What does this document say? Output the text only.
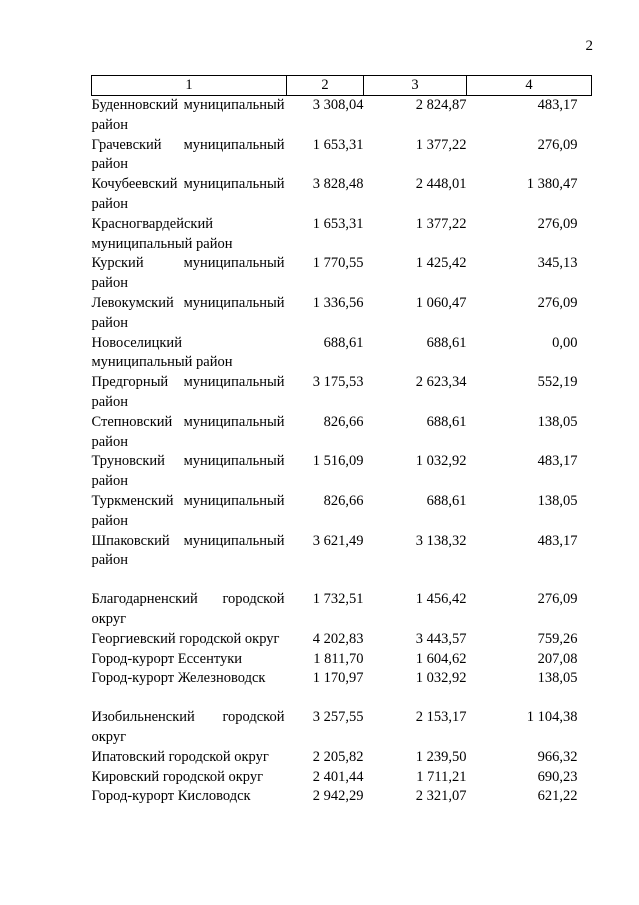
2
1	2	3	4
Буденновский муниципальный район	3 308,04	2 824,87	483,17
Грачевский муниципальный район	1 653,31	1 377,22	276,09
Кочубеевский муниципальный район	3 828,48	2 448,01	1 380,47
Красногвардейский муниципальный район	1 653,31	1 377,22	276,09
Курский муниципальный район	1 770,55	1 425,42	345,13
Левокумский муниципальный район	1 336,56	1 060,47	276,09
Новоселицкий муниципальный район	688,61	688,61	0,00
Предгорный муниципальный район	3 175,53	2 623,34	552,19
Степновский муниципальный район	826,66	688,61	138,05
Труновский муниципальный район	1 516,09	1 032,92	483,17
Туркменский муниципальный район	826,66	688,61	138,05
Шпаковский муниципальный район	3 621,49	3 138,32	483,17

Благодарненский городской округ	1 732,51	1 456,42	276,09
Георгиевский городской округ	4 202,83	3 443,57	759,26
Город-курорт Ессентуки	1 811,70	1 604,62	207,08
Город-курорт Железноводск	1 170,97	1 032,92	138,05

Изобильненский городской округ	3 257,55	2 153,17	1 104,38
Ипатовский городской округ	2 205,82	1 239,50	966,32
Кировский городской округ	2 401,44	1 711,21	690,23
Город-курорт Кисловодск	2 942,29	2 321,07	621,22
